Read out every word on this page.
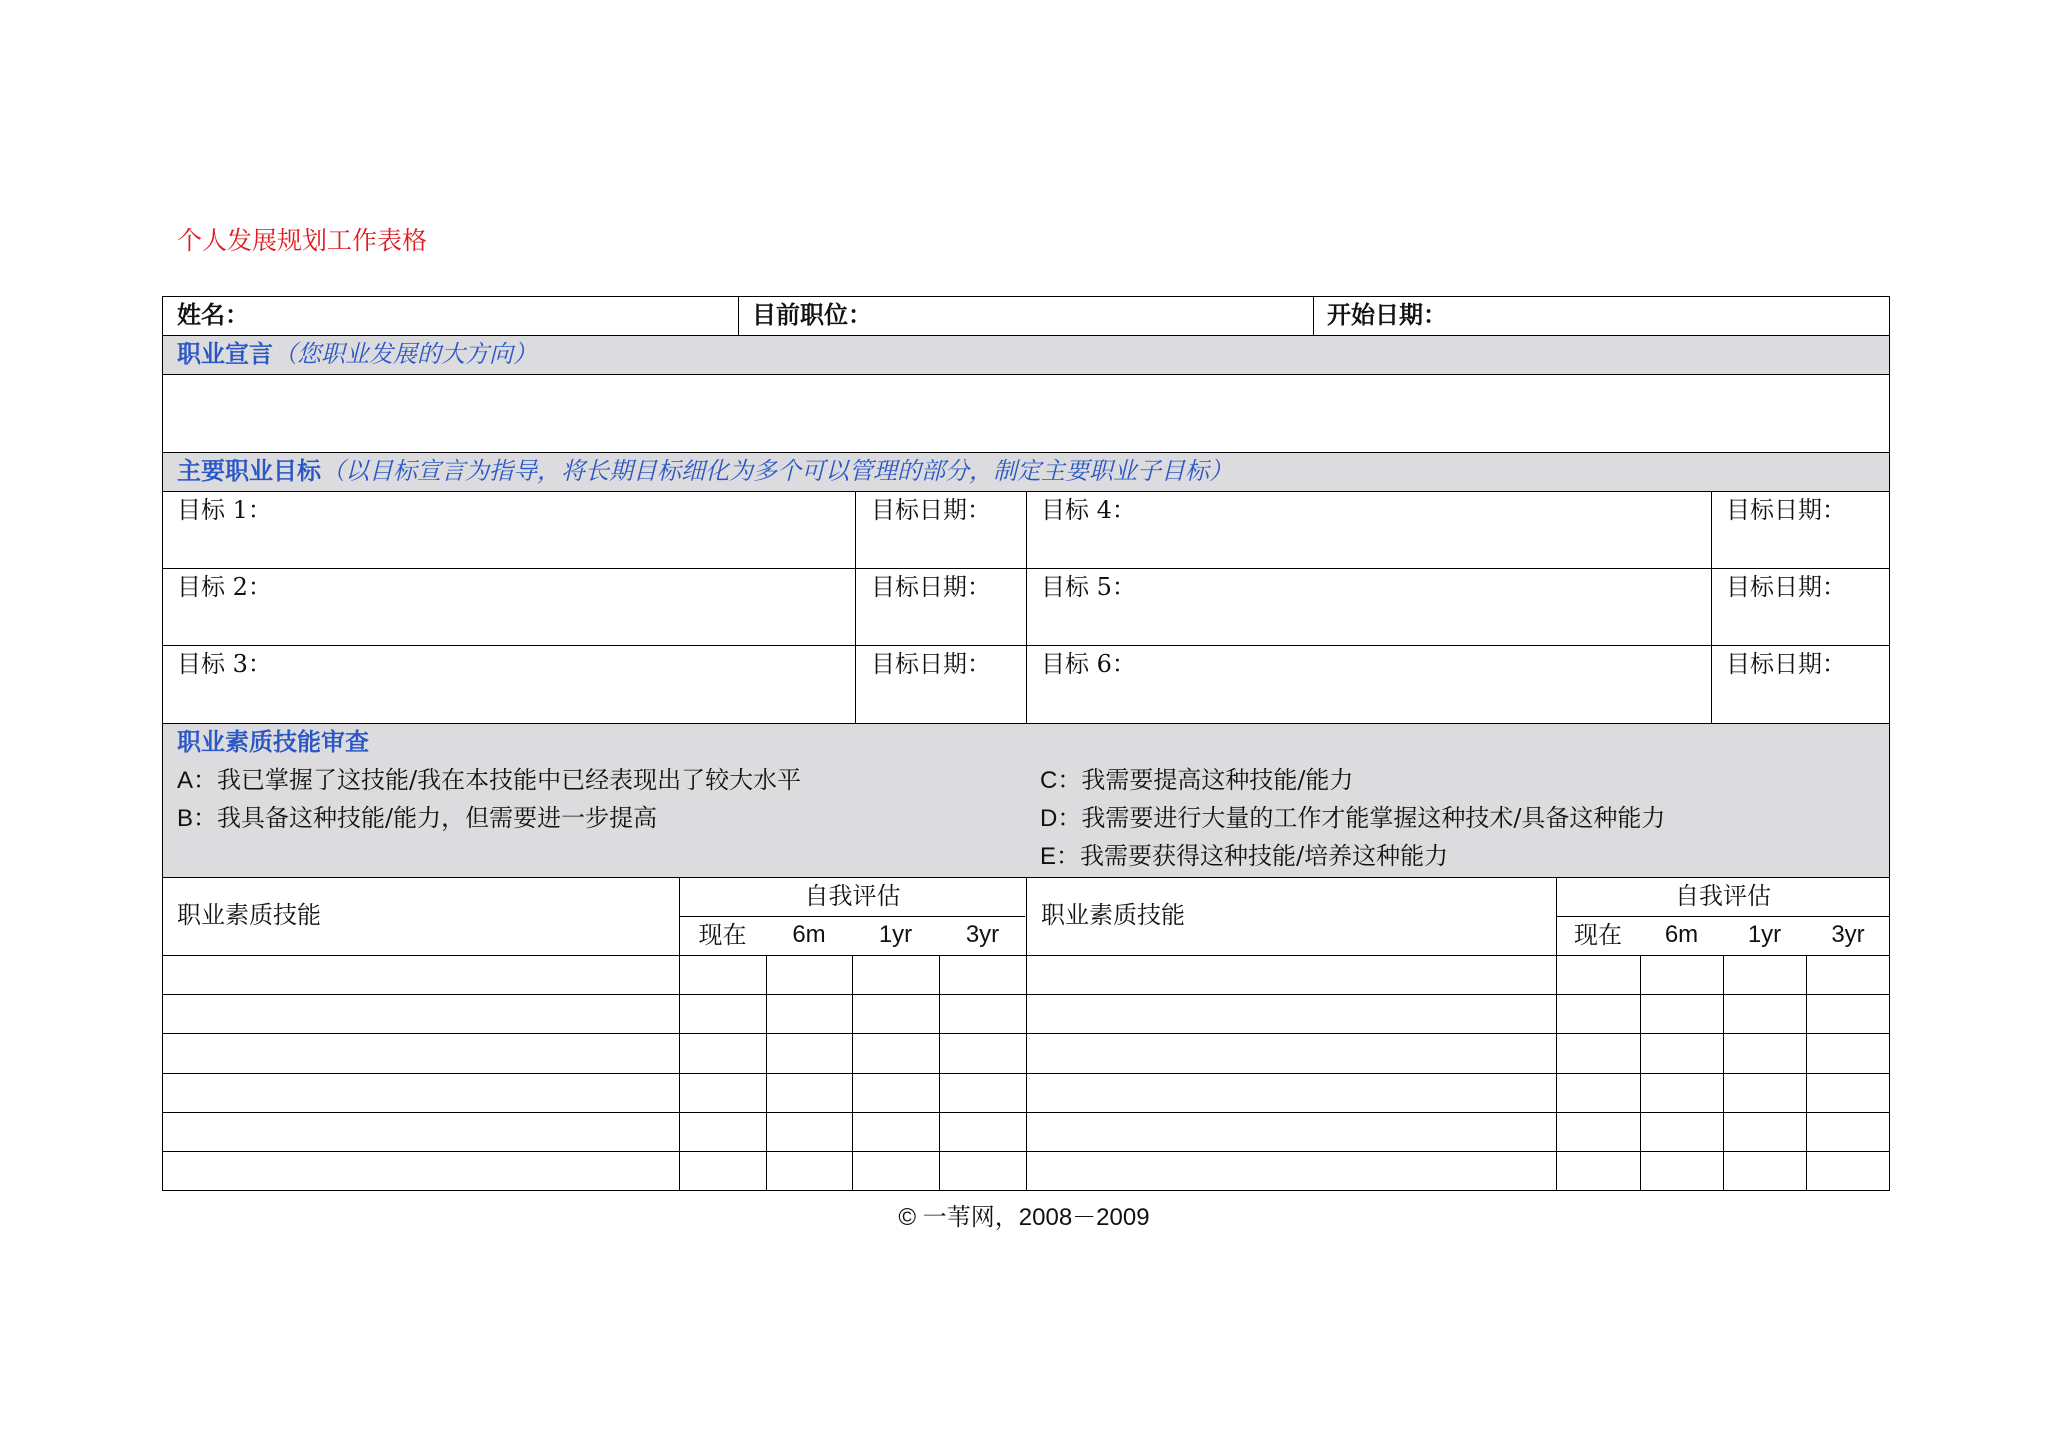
个人发展规划工作表格
姓名：	目前职位：	开始日期：
职业宣言（您职业发展的大方向）
主要职业目标（以目标宣言为指导，将长期目标细化为多个可以管理的部分，制定主要职业子目标）
目标 1：	目标日期： 目标 4：	目标日期：
目标 2：	目标日期： 目标 5：	目标日期：
目标 3：	目标日期： 目标 6：	目标日期：
职业素质技能审查
A：我已掌握了这技能/我在本技能中已经表现出了较大水平
B：我具备这种技能/能力，但需要进一步提高
C：我需要提高这种技能/能力
D：我需要进行大量的工作才能掌握这种技术/具备这种能力
E：我需要获得这种技能/培养这种能力
职业素质技能	职业素质技能
自我评估	自我评估
现在	6m	1yr	3yr	现在	6m	1yr	3yr
© 一苇网，2008－2009
